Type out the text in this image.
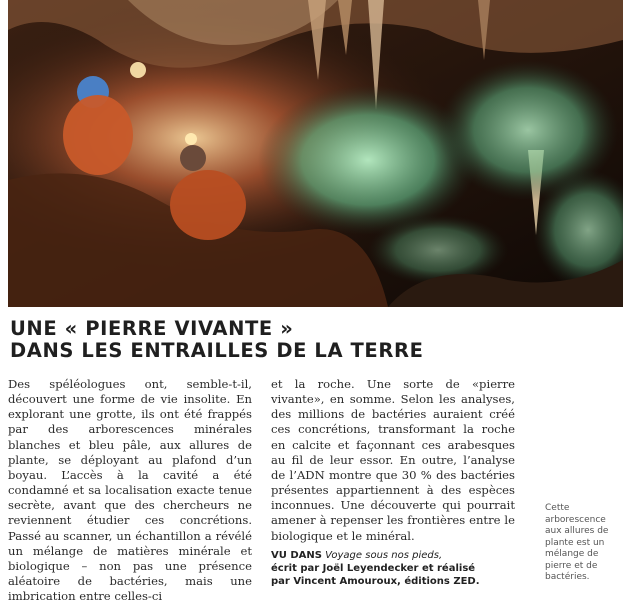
UNE « PIERRE VIVANTE »
DANS LES ENTRAILLES DE LA TERRE

Des spéléologues ont, semble-t-il, découvert une forme de vie insolite. En explorant une grotte, ils ont été frappés par des arborescences minérales blanches et bleu pâle, aux allures de plante, se déployant au plafond d’un boyau. L’accès à la cavité a été condamné et sa localisation exacte tenue secrète, avant que des chercheurs ne reviennent étudier ces concrétions. Passé au scanner, un échantillon a révélé un mélange de matières minérale et biologique – non pas une présence aléatoire de bactéries, mais une imbrication entre celles-ci

et la roche. Une sorte de «pierre vivante», en somme. Selon les analyses, des millions de bactéries auraient créé ces concrétions, transformant la roche en calcite et façonnant ces arabesques au fil de leur essor. En outre, l’analyse de l’ADN montre que 30 % des bactéries présentes appartiennent à des espèces inconnues. Une découverte qui pourrait amener à repenser les frontières entre le biologique et le minéral.

VU DANS Voyage sous nos pieds,
écrit par Joël Leyendecker et réalisé
par Vincent Amouroux, éditions ZED.

Cette arborescence aux allures de plante est un mélange de pierre et de bactéries.
